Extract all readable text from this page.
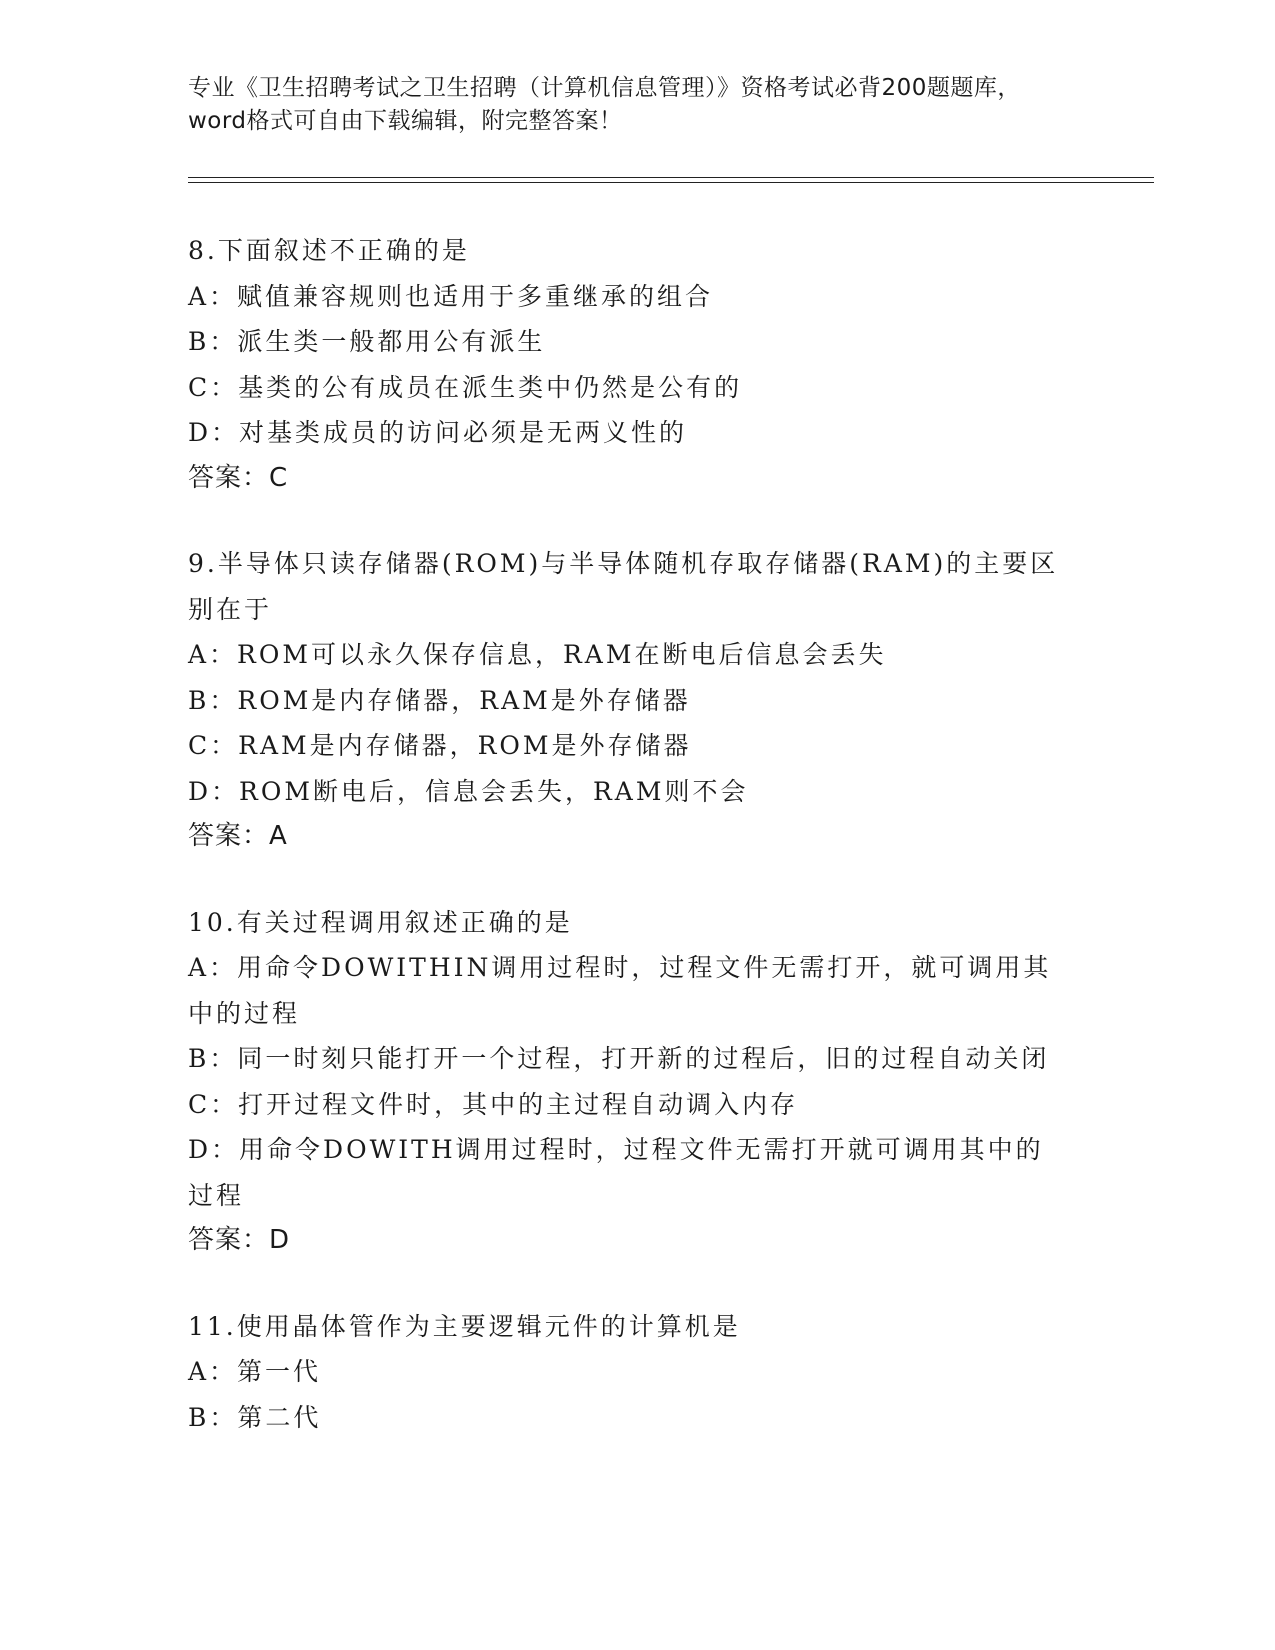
专业《卫生招聘考试之卫生招聘（计算机信息管理）》资格考试必背200题题库，
word格式可自由下载编辑，附完整答案！
8.下面叙述不正确的是
A：赋值兼容规则也适用于多重继承的组合
B：派生类一般都用公有派生
C：基类的公有成员在派生类中仍然是公有的
D：对基类成员的访问必须是无两义性的
答案：C
9.半导体只读存储器(ROM)与半导体随机存取存储器(RAM)的主要区别在于
A：ROM可以永久保存信息，RAM在断电后信息会丢失
B：ROM是内存储器，RAM是外存储器
C：RAM是内存储器，ROM是外存储器
D：ROM断电后，信息会丢失，RAM则不会
答案：A
10.有关过程调用叙述正确的是
A：用命令DOWITHIN调用过程时，过程文件无需打开，就可调用其中的过程
B：同一时刻只能打开一个过程，打开新的过程后，旧的过程自动关闭
C：打开过程文件时，其中的主过程自动调入内存
D：用命令DOWITH调用过程时，过程文件无需打开就可调用其中的过程
答案：D
11.使用晶体管作为主要逻辑元件的计算机是
A：第一代
B：第二代
